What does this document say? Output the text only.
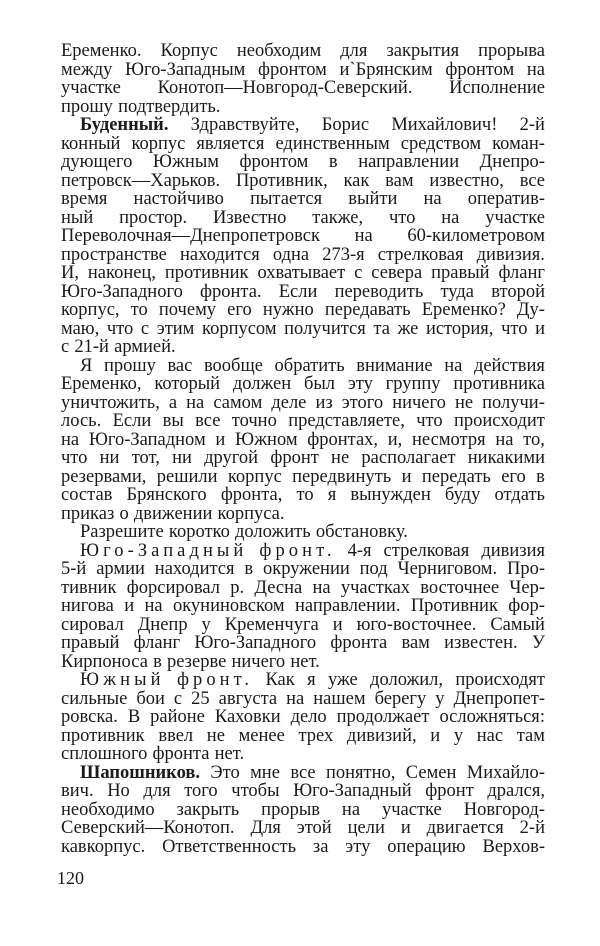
Еременко. Корпус необходим для закрытия прорыва
между Юго-Западным фронтом и`Брянским фронтом на
участке Конотоп—Новгород-Северский. Исполнение
прошу подтвердить.
Буденный. Здравствуйте, Борис Михайлович! 2-й
конный корпус является единственным средством коман-
дующего Южным фронтом в направлении Днепро-
петровск—Харьков. Противник, как вам известно, все
время настойчиво пытается выйти на оператив-
ный простор. Известно также, что на участке
Переволочная—Днепропетровск на 60-километровом
пространстве находится одна 273-я стрелковая дивизия.
И, наконец, противник охватывает с севера правый фланг
Юго-Западного фронта. Если переводить туда второй
корпус, то почему его нужно передавать Еременко? Ду-
маю, что с этим корпусом получится та же история, что и
с 21-й армией.
Я прошу вас вообще обратить внимание на действия
Еременко, который должен был эту группу противника
уничтожить, а на самом деле из этого ничего не получи-
лось. Если вы все точно представляете, что происходит
на Юго-Западном и Южном фронтах, и, несмотря на то,
что ни тот, ни другой фронт не располагает никакими
резервами, решили корпус передвинуть и передать его в
состав Брянского фронта, то я вынужден буду отдать
приказ о движении корпуса.
Разрешите коротко доложить обстановку.
Юго-Западный фронт. 4-я стрелковая дивизия
5-й армии находится в окружении под Черниговом. Про-
тивник форсировал р. Десна на участках восточнее Чер-
нигова и на окуниновском направлении. Противник фор-
сировал Днепр у Кременчуга и юго-восточнее. Самый
правый фланг Юго-Западного фронта вам известен. У
Кирпоноса в резерве ничего нет.
Южный фронт. Как я уже доложил, происходят
сильные бои с 25 августа на нашем берегу у Днепропет-
ровска. В районе Каховки дело продолжает осложняться:
противник ввел не менее трех дивизий, и у нас там
сплошного фронта нет.
Шапошников. Это мне все понятно, Семен Михайло-
вич. Но для того чтобы Юго-Западный фронт дрался,
необходимо закрыть прорыв на участке Новгород-
Северский—Конотоп. Для этой цели и двигается 2-й
кавкорпус. Ответственность за эту операцию Верхов-
120
